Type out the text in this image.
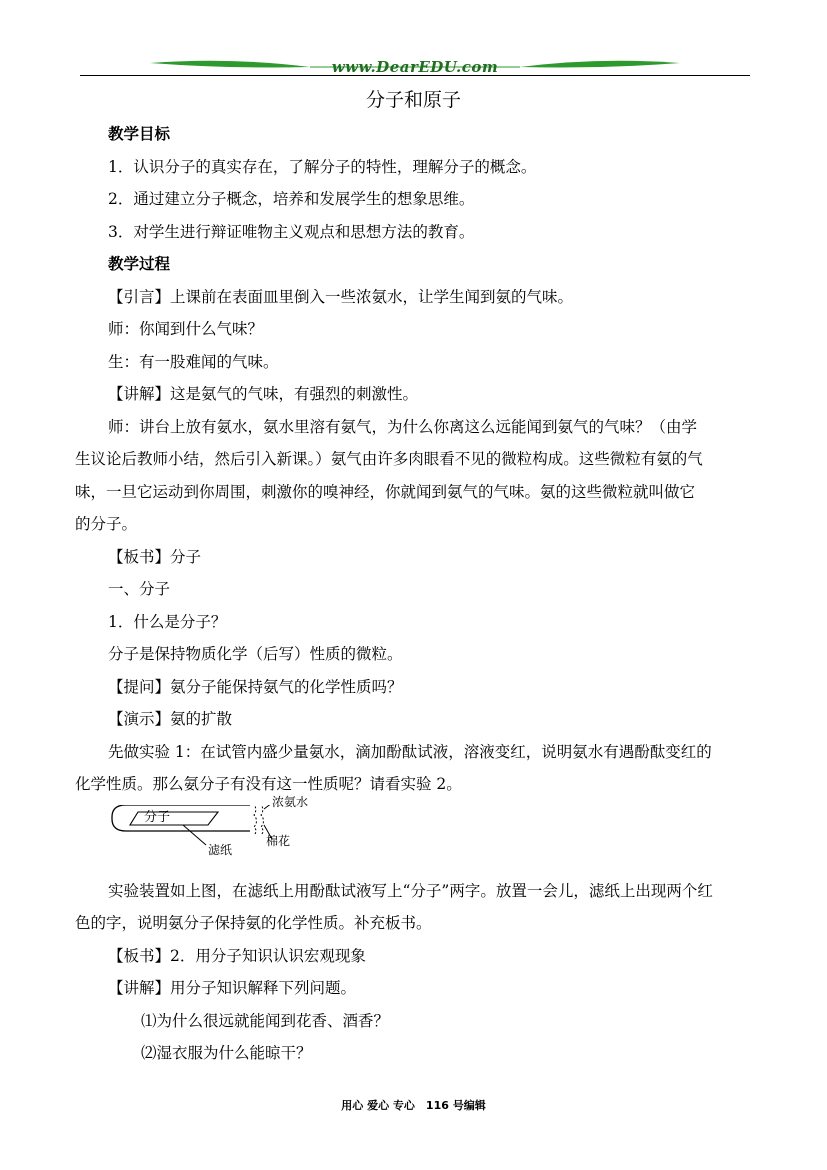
www.DearEDU.com
分子和原子
教学目标
1．认识分子的真实存在，了解分子的特性，理解分子的概念。
2．通过建立分子概念，培养和发展学生的想象思维。
3．对学生进行辩证唯物主义观点和思想方法的教育。
教学过程
【引言】上课前在表面皿里倒入一些浓氨水，让学生闻到氨的气味。
师：你闻到什么气味？
生：有一股难闻的气味。
【讲解】这是氨气的气味，有强烈的刺激性。
师：讲台上放有氨水，氨水里溶有氨气，为什么你离这么远能闻到氨气的气味？（由学
生议论后教师小结，然后引入新课。）氨气由许多肉眼看不见的微粒构成。这些微粒有氨的气
味，一旦它运动到你周围，刺激你的嗅神经，你就闻到氨气的气味。氨的这些微粒就叫做它
的分子。
【板书】分子
一、分子
1．什么是分子？
分子是保持物质化学（后写）性质的微粒。
【提问】氨分子能保持氨气的化学性质吗？
【演示】氨的扩散
先做实验 1：在试管内盛少量氨水，滴加酚酞试液，溶液变红，说明氨水有遇酚酞变红的
化学性质。那么氨分子有没有这一性质呢？请看实验 2。
分子
浓氨水
棉花
滤纸
实验装置如上图，在滤纸上用酚酞试液写上“分子”两字。放置一会儿，滤纸上出现两个红
色的字，说明氨分子保持氨的化学性质。补充板书。
【板书】2．用分子知识认识宏观现象
【讲解】用分子知识解释下列问题。
⑴为什么很远就能闻到花香、酒香？
⑵湿衣服为什么能晾干？
用心 爱心 专心　116 号编辑
